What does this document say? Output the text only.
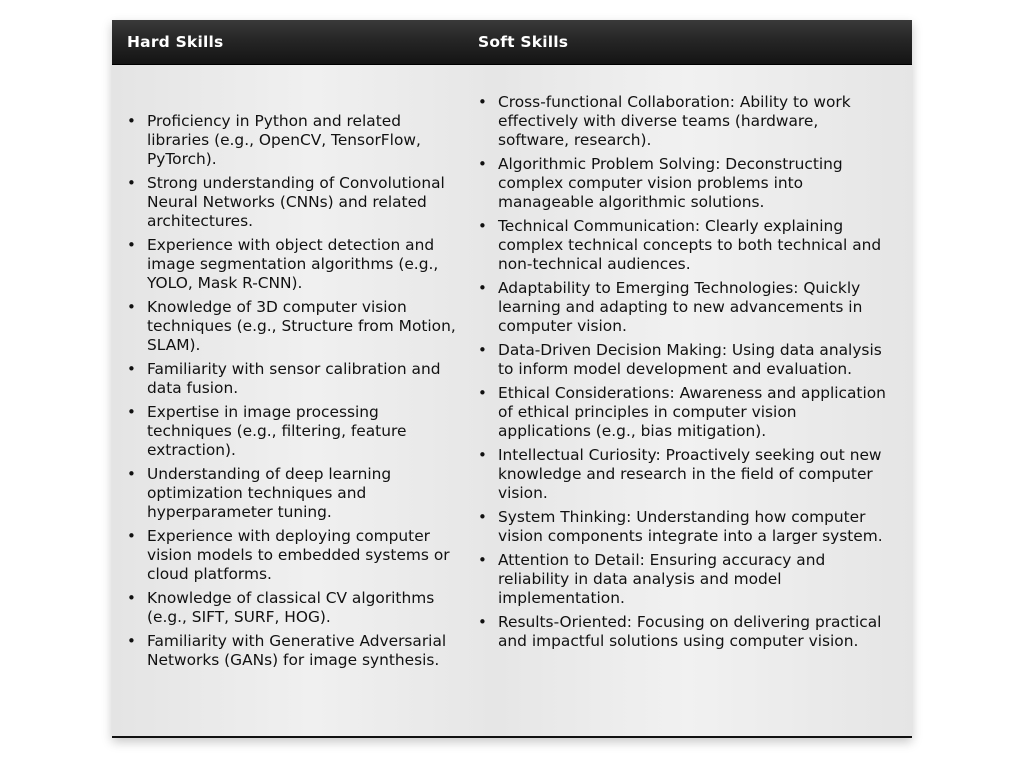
Hard Skills	Soft Skills
• Proficiency in Python and related libraries (e.g., OpenCV, TensorFlow, PyTorch).
• Strong understanding of Convolutional Neural Networks (CNNs) and related architectures.
• Experience with object detection and image segmentation algorithms (e.g., YOLO, Mask R-CNN).
• Knowledge of 3D computer vision techniques (e.g., Structure from Motion, SLAM).
• Familiarity with sensor calibration and data fusion.
• Expertise in image processing techniques (e.g., filtering, feature extraction).
• Understanding of deep learning optimization techniques and hyperparameter tuning.
• Experience with deploying computer vision models to embedded systems or cloud platforms.
• Knowledge of classical CV algorithms (e.g., SIFT, SURF, HOG).
• Familiarity with Generative Adversarial Networks (GANs) for image synthesis.
• Cross-functional Collaboration: Ability to work effectively with diverse teams (hardware, software, research).
• Algorithmic Problem Solving: Deconstructing complex computer vision problems into manageable algorithmic solutions.
• Technical Communication: Clearly explaining complex technical concepts to both technical and non-technical audiences.
• Adaptability to Emerging Technologies: Quickly learning and adapting to new advancements in computer vision.
• Data-Driven Decision Making: Using data analysis to inform model development and evaluation.
• Ethical Considerations: Awareness and application of ethical principles in computer vision applications (e.g., bias mitigation).
• Intellectual Curiosity: Proactively seeking out new knowledge and research in the field of computer vision.
• System Thinking: Understanding how computer vision components integrate into a larger system.
• Attention to Detail: Ensuring accuracy and reliability in data analysis and model implementation.
• Results-Oriented: Focusing on delivering practical and impactful solutions using computer vision.
